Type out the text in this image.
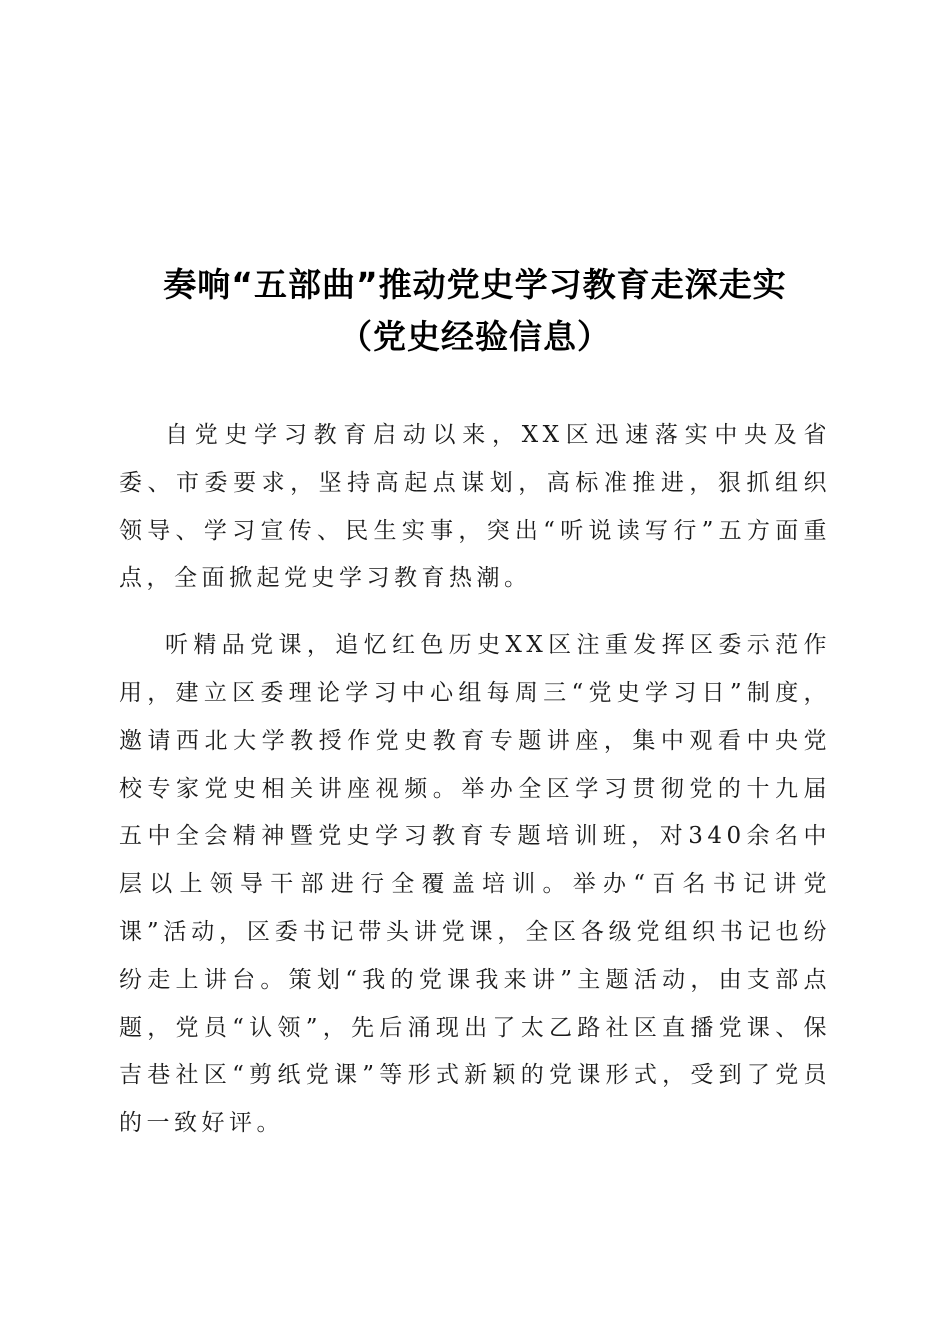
奏响“五部曲”推动党史学习教育走深走实
（党史经验信息）

自党史学习教育启动以来，XX区迅速落实中央及省委、市委要求，坚持高起点谋划，高标准推进，狠抓组织领导、学习宣传、民生实事，突出“听说读写行”五方面重点，全面掀起党史学习教育热潮。

听精品党课，追忆红色历史XX区注重发挥区委示范作用，建立区委理论学习中心组每周三“党史学习日”制度，邀请西北大学教授作党史教育专题讲座，集中观看中央党校专家党史相关讲座视频。举办全区学习贯彻党的十九届五中全会精神暨党史学习教育专题培训班，对340余名中层以上领导干部进行全覆盖培训。举办“百名书记讲党课”活动，区委书记带头讲党课，全区各级党组织书记也纷纷走上讲台。策划“我的党课我来讲”主题活动，由支部点题，党员“认领”，先后涌现出了太乙路社区直播党课、保吉巷社区“剪纸党课”等形式新颖的党课形式，受到了党员的一致好评。
